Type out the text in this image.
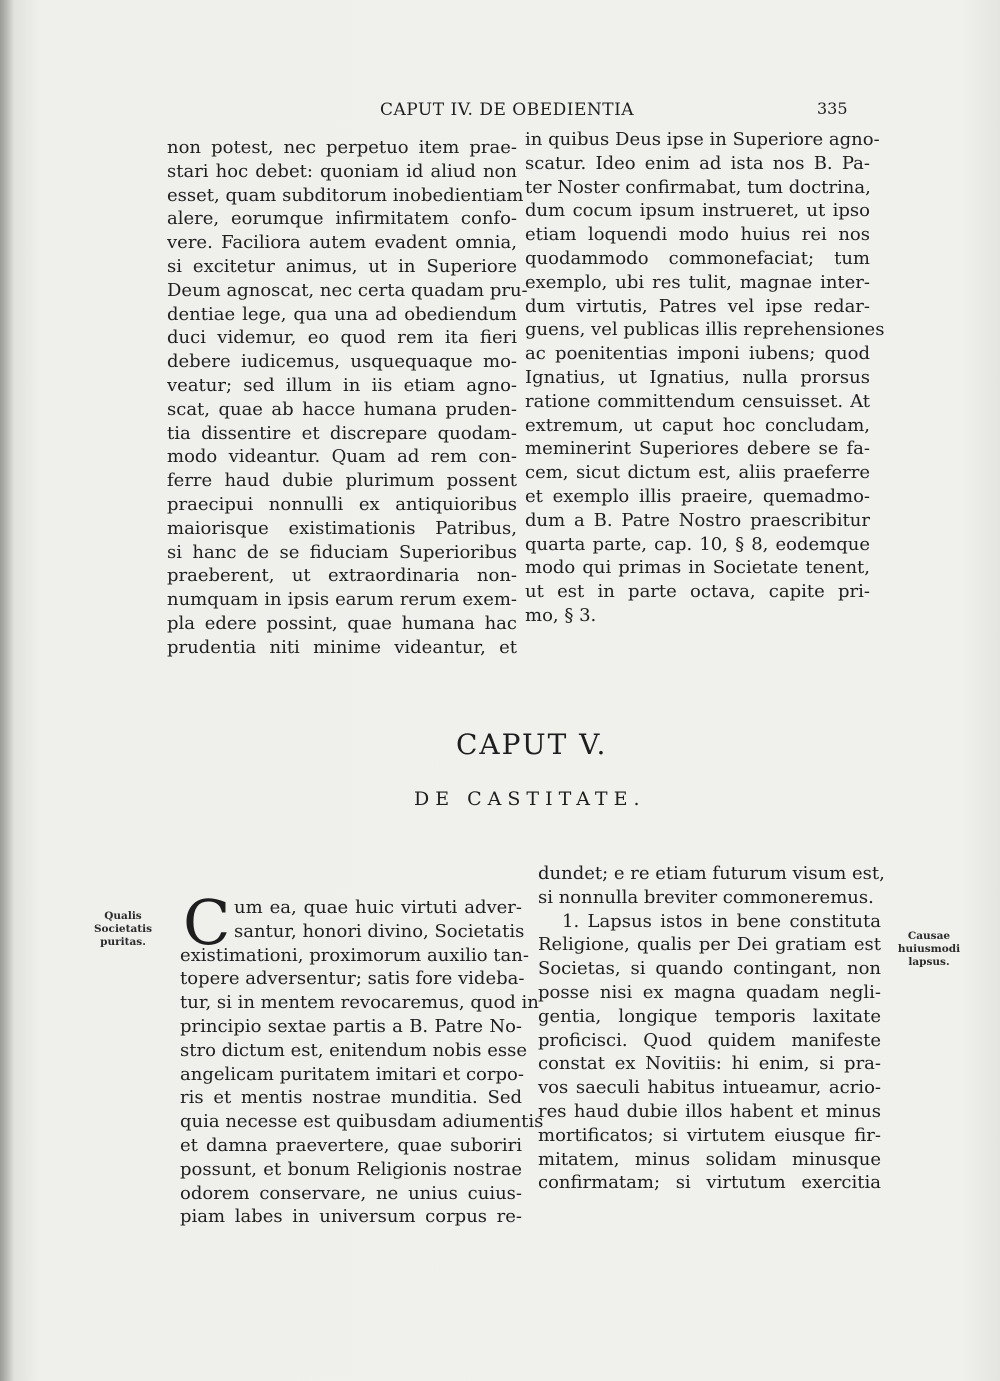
CAPUT IV. DE OBEDIENTIA	335
non potest, nec perpetuo item prae-
stari hoc debet: quoniam id aliud non
esset, quam subditorum inobedientiam
alere, eorumque infirmitatem confo-
vere. Faciliora autem evadent omnia,
si excitetur animus, ut in Superiore
Deum agnoscat, nec certa quadam pru-
dentiae lege, qua una ad obediendum
duci videmur, eo quod rem ita fieri
debere iudicemus, usquequaque mo-
veatur; sed illum in iis etiam agno-
scat, quae ab hacce humana pruden-
tia dissentire et discrepare quodam-
modo videantur. Quam ad rem con-
ferre haud dubie plurimum possent
praecipui nonnulli ex antiquioribus
maiorisque existimationis Patribus,
si hanc de se fiduciam Superioribus
praeberent, ut extraordinaria non-
numquam in ipsis earum rerum exem-
pla edere possint, quae humana hac
prudentia niti minime videantur, et
in quibus Deus ipse in Superiore agno-
scatur. Ideo enim ad ista nos B. Pa-
ter Noster confirmabat, tum doctrina,
dum cocum ipsum instrueret, ut ipso
etiam loquendi modo huius rei nos
quodammodo commonefaciat; tum
exemplo, ubi res tulit, magnae inter-
dum virtutis, Patres vel ipse redar-
guens, vel publicas illis reprehensiones
ac poenitentias imponi iubens; quod
Ignatius, ut Ignatius, nulla prorsus
ratione committendum censuisset. At
extremum, ut caput hoc concludam,
meminerint Superiores debere se fa-
cem, sicut dictum est, aliis praeferre
et exemplo illis praeire, quemadmo-
dum a B. Patre Nostro praescribitur
quarta parte, cap. 10, § 8, eodemque
modo qui primas in Societate tenent,
ut est in parte octava, capite pri-
mo, § 3.
CAPUT V.
DE CASTITATE.
C um ea, quae huic virtuti adver-
santur, honori divino, Societatis
existimationi, proximorum auxilio tan-
topere adversentur; satis fore videba-
tur, si in mentem revocaremus, quod in
principio sextae partis a B. Patre No-
stro dictum est, enitendum nobis esse
angelicam puritatem imitari et corpo-
ris et mentis nostrae munditia. Sed
quia necesse est quibusdam adiumentis
et damna praevertere, quae suboriri
possunt, et bonum Religionis nostrae
odorem conservare, ne unius cuius-
piam labes in universum corpus re-
dundet; e re etiam futurum visum est,
si nonnulla breviter commoneremus.
1. Lapsus istos in bene constituta
Religione, qualis per Dei gratiam est
Societas, si quando contingant, non
posse nisi ex magna quadam negli-
gentia, longique temporis laxitate
proficisci. Quod quidem manifeste
constat ex Novitiis: hi enim, si pra-
vos saeculi habitus intueamur, acrio-
res haud dubie illos habent et minus
mortificatos; si virtutem eiusque fir-
mitatem, minus solidam minusque
confirmatam; si virtutum exercitia
Qualis Societatis puritas.	Causae huiusmodi lapsus.
